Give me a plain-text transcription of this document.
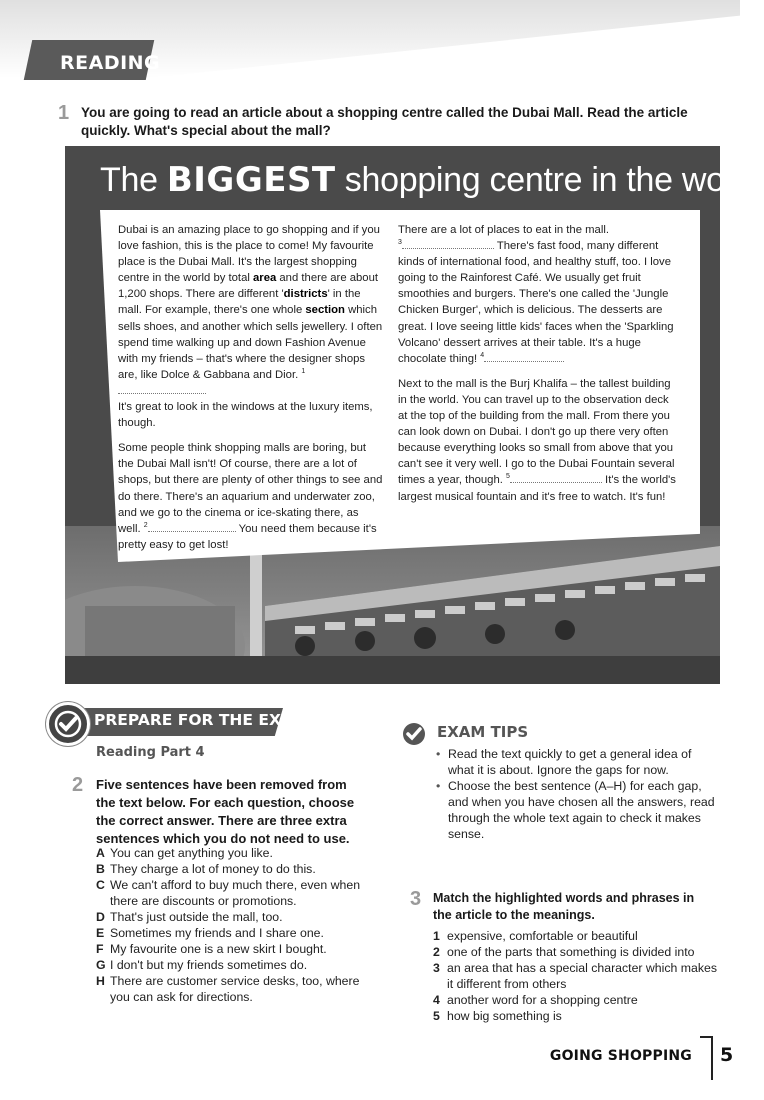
READING
1 You are going to read an article about a shopping centre called the Dubai Mall. Read the article quickly. What's special about the mall?
The BIGGEST shopping centre in the world

Dubai is an amazing place to go shopping and if you love fashion, this is the place to come! My favourite place is the Dubai Mall. It's the largest shopping centre in the world by total area and there are about 1,200 shops. There are different 'districts' in the mall. For example, there's one whole section which sells shoes, and another which sells jewellery. I often spend time walking up and down Fashion Avenue with my friends – that's where the designer shops are, like Dolce & Gabbana and Dior. $^1$
It's great to look in the windows at the luxury items, though.

Some people think shopping malls are boring, but the Dubai Mall isn't! Of course, there are a lot of shops, but there are plenty of other things to see and do there. There's an aquarium and underwater zoo, and we go to the cinema or ice-skating there, as well. $^2$	You need them because it's pretty easy to get lost!

There are a lot of places to eat in the mall.
$^3$	There's fast food, many different kinds of international food, and healthy stuff, too. I love going to the Rainforest Café. We usually get fruit smoothies and burgers. There's one called the 'Jungle Chicken Burger', which is delicious. The desserts are great. I love seeing little kids' faces when the 'Sparkling Volcano' dessert arrives at their table. It's a huge chocolate thing! $^4$

Next to the mall is the Burj Khalifa – the tallest building in the world. You can travel up to the observation deck at the top of the building from the mall. From there you can look down on Dubai. I don't go up there very often because everything looks so small from above that you can't see it very well. I go to the Dubai Fountain several times a year, though. $^5$	It's the world's largest musical fountain and it's free to watch. It's fun!

PREPARE FOR THE EXAM
Reading Part 4
2 Five sentences have been removed from the text below. For each question, choose the correct answer. There are three extra sentences which you do not need to use.
A You can get anything you like.
B They charge a lot of money to do this.
C We can't afford to buy much there, even when there are discounts or promotions.
D That's just outside the mall, too.
E Sometimes my friends and I share one.
F My favourite one is a new skirt I bought.
G I don't but my friends sometimes do.
H There are customer service desks, too, where you can ask for directions.
EXAM TIPS
• Read the text quickly to get a general idea of what it is about. Ignore the gaps for now.
• Choose the best sentence (A–H) for each gap, and when you have chosen all the answers, read through the whole text again to check it makes sense.
3 Match the highlighted words and phrases in the article to the meanings.
1 expensive, comfortable or beautiful
2 one of the parts that something is divided into
3 an area that has a special character which makes it different from others
4 another word for a shopping centre
5 how big something is
GOING SHOPPING 5
